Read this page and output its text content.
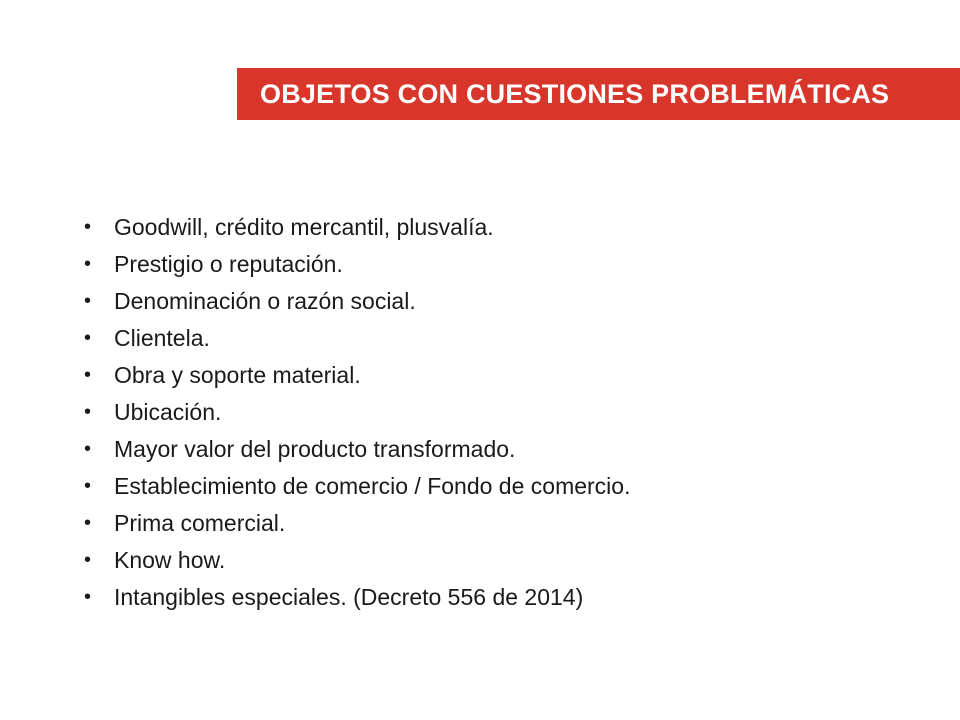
OBJETOS CON CUESTIONES PROBLEMÁTICAS
• Goodwill, crédito mercantil, plusvalía.
• Prestigio o reputación.
• Denominación o razón social.
• Clientela.
• Obra y soporte material.
• Ubicación.
• Mayor valor del producto transformado.
• Establecimiento de comercio / Fondo de comercio.
• Prima comercial.
• Know how.
• Intangibles especiales. (Decreto 556 de 2014)
